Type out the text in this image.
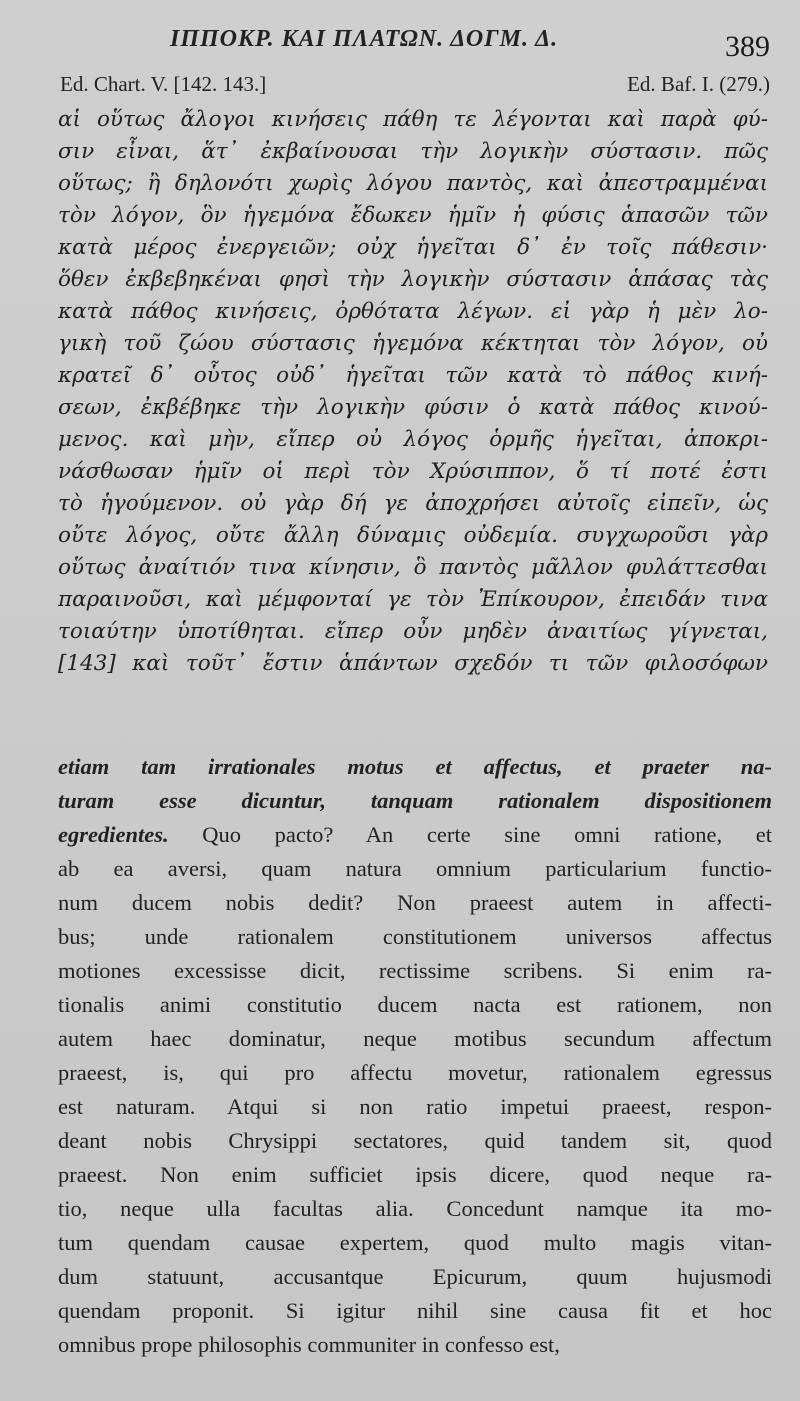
ΙΠΠΟΚΡ. ΚΑΙ ΠΛΑΤΩΝ. ΔΟΓΜ. Δ.	389
Ed. Chart. V. [142. 143.]	Ed. Baf. I. (279.)
αἱ οὕτως ἄλογοι κινήσεις πάθη τε λέγονται καὶ παρὰ φύ-
σιν εἶναι, ἅτ᾽ ἐκβαίνουσαι τὴν λογικὴν σύστασιν. πῶς
οὕτως; ἢ δηλονότι χωρὶς λόγου παντὸς, καὶ ἀπεστραμμέναι
τὸν λόγον, ὃν ἡγεμόνα ἔδωκεν ἡμῖν ἡ φύσις ἁπασῶν τῶν
κατὰ μέρος ἐνεργειῶν; οὐχ ἡγεῖται δ᾽ ἐν τοῖς πάθεσιν·
ὅθεν ἐκβεβηκέναι φησὶ τὴν λογικὴν σύστασιν ἁπάσας τὰς
κατὰ πάθος κινήσεις, ὀρθότατα λέγων. εἰ γὰρ ἡ μὲν λο-
γικὴ τοῦ ζώου σύστασις ἡγεμόνα κέκτηται τὸν λόγον, οὐ
κρατεῖ δ᾽ οὗτος οὐδ᾽ ἡγεῖται τῶν κατὰ τὸ πάθος κινή-
σεων, ἐκβέβηκε τὴν λογικὴν φύσιν ὁ κατὰ πάθος κινού-
μενος. καὶ μὴν, εἴπερ οὐ λόγος ὁρμῆς ἡγεῖται, ἀποκρι-
νάσθωσαν ἡμῖν οἱ περὶ τὸν Χρύσιππον, ὅ τί ποτέ ἐστι
τὸ ἡγούμενον. οὐ γὰρ δή γε ἀποχρήσει αὐτοῖς εἰπεῖν, ὡς
οὔτε λόγος, οὔτε ἄλλη δύναμις οὐδεμία. συγχωροῦσι γὰρ
οὕτως ἀναίτιόν τινα κίνησιν, ὃ παντὸς μᾶλλον φυλάττεσθαι
παραινοῦσι, καὶ μέμφονταί γε τὸν Ἐπίκουρον, ἐπειδάν τινα
τοιαύτην ὑποτίθηται. εἴπερ οὖν μηδὲν ἀναιτίως γίγνεται,
[143] καὶ τοῦτ᾽ ἔστιν ἁπάντων σχεδόν τι τῶν φιλοσόφων
etiam tam irrationales motus et affectus, et praeter na-
turam esse dicuntur, tanquam rationalem dispositionem
egredientes. Quo pacto? An certe sine omni ratione, et
ab ea aversi, quam natura omnium particularium functio-
num ducem nobis dedit? Non praeest autem in affecti-
bus; unde rationalem constitutionem universos affectus
motiones excessisse dicit, rectissime scribens. Si enim ra-
tionalis animi constitutio ducem nacta est rationem, non
autem haec dominatur, neque motibus secundum affectum
praeest, is, qui pro affectu movetur, rationalem egressus
est naturam. Atqui si non ratio impetui praeest, respon-
deant nobis Chrysippi sectatores, quid tandem sit, quod
praeest. Non enim sufficiet ipsis dicere, quod neque ra-
tio, neque ulla facultas alia. Concedunt namque ita mo-
tum quendam causae expertem, quod multo magis vitan-
dum statuunt, accusantque Epicurum, quum hujusmodi
quendam proponit. Si igitur nihil sine causa fit et hoc
omnibus prope philosophis communiter in confesso est,
